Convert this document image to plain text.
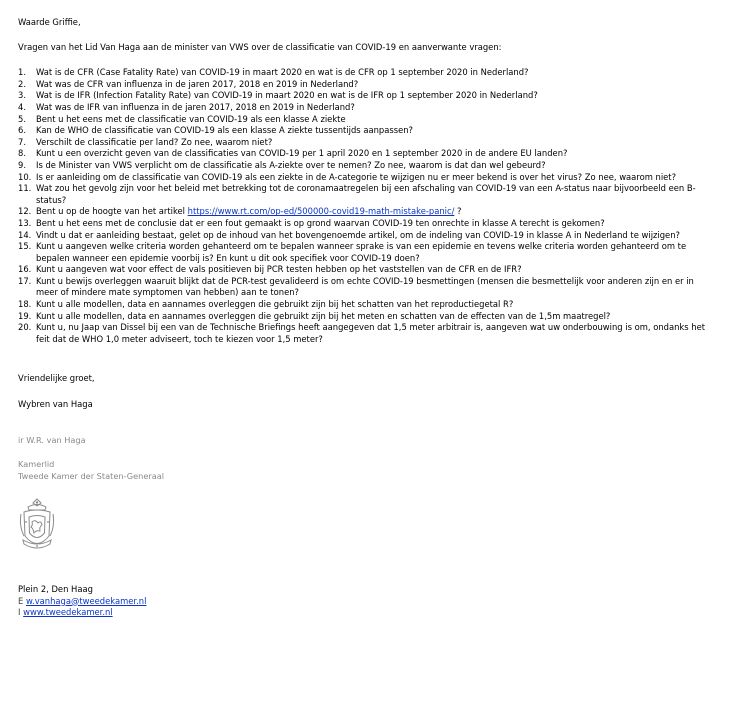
Waarde Griffie,

Vragen van het Lid Van Haga aan de minister van VWS over de classificatie van COVID-19 en aanverwante vragen:

1. Wat is de CFR (Case Fatality Rate) van COVID-19 in maart 2020 en wat is de CFR op 1 september 2020 in Nederland?
2. Wat was de CFR van influenza in de jaren 2017, 2018 en 2019 in Nederland?
3. Wat is de IFR (Infection Fatality Rate) van COVID-19 in maart 2020 en wat is de IFR op 1 september 2020 in Nederland?
4. Wat was de IFR van influenza in de jaren 2017, 2018 en 2019 in Nederland?
5. Bent u het eens met de classificatie van COVID-19 als een klasse A ziekte
6. Kan de WHO de classificatie van COVID-19 als een klasse A ziekte tussentijds aanpassen?
7. Verschilt de classificatie per land? Zo nee, waarom niet?
8. Kunt u een overzicht geven van de classificaties van COVID-19 per 1 april 2020 en 1 september 2020 in de andere EU landen?
9. Is de Minister van VWS verplicht om de classificatie als A-ziekte over te nemen? Zo nee, waarom is dat dan wel gebeurd?
10. Is er aanleiding om de classificatie van COVID-19 als een ziekte in de A-categorie te wijzigen nu er meer bekend is over het virus? Zo nee, waarom niet?
11. Wat zou het gevolg zijn voor het beleid met betrekking tot de coronamaatregelen bij een afschaling van COVID-19 van een A-status naar bijvoorbeeld een B-status?
12. Bent u op de hoogte van het artikel https://www.rt.com/op-ed/500000-covid19-math-mistake-panic/ ?
13. Bent u het eens met de conclusie dat er een fout gemaakt is op grond waarvan COVID-19 ten onrechte in klasse A terecht is gekomen?
14. Vindt u dat er aanleiding bestaat, gelet op de inhoud van het bovengenoemde artikel, om de indeling van COVID-19 in klasse A in Nederland te wijzigen?
15. Kunt u aangeven welke criteria worden gehanteerd om te bepalen wanneer sprake is van een epidemie en tevens welke criteria worden gehanteerd om te bepalen wanneer een epidemie voorbij is? En kunt u dit ook specifiek voor COVID-19 doen?
16. Kunt u aangeven wat voor effect de vals positieven bij PCR testen hebben op het vaststellen van de CFR en de IFR?
17. Kunt u bewijs overleggen waaruit blijkt dat de PCR-test gevalideerd is om echte COVID-19 besmettingen (mensen die besmettelijk voor anderen zijn en er in meer of mindere mate symptomen van hebben) aan te tonen?
18. Kunt u alle modellen, data en aannames overleggen die gebruikt zijn bij het schatten van het reproductiegetal R?
19. Kunt u alle modellen, data en aannames overleggen die gebruikt zijn bij het meten en schatten van de effecten van de 1,5m maatregel?
20. Kunt u, nu Jaap van Dissel bij een van de Technische Briefings heeft aangegeven dat 1,5 meter arbitrair is, aangeven wat uw onderbouwing is om, ondanks het feit dat de WHO 1,0 meter adviseert, toch te kiezen voor 1,5 meter?
Vriendelijke groet,
Wybren van Haga
ir W.R. van Haga
Kamerlid
Tweede Kamer der Staten-Generaal
Plein 2, Den Haag
E w.vanhaga@tweedekamer.nl
I www.tweedekamer.nl
